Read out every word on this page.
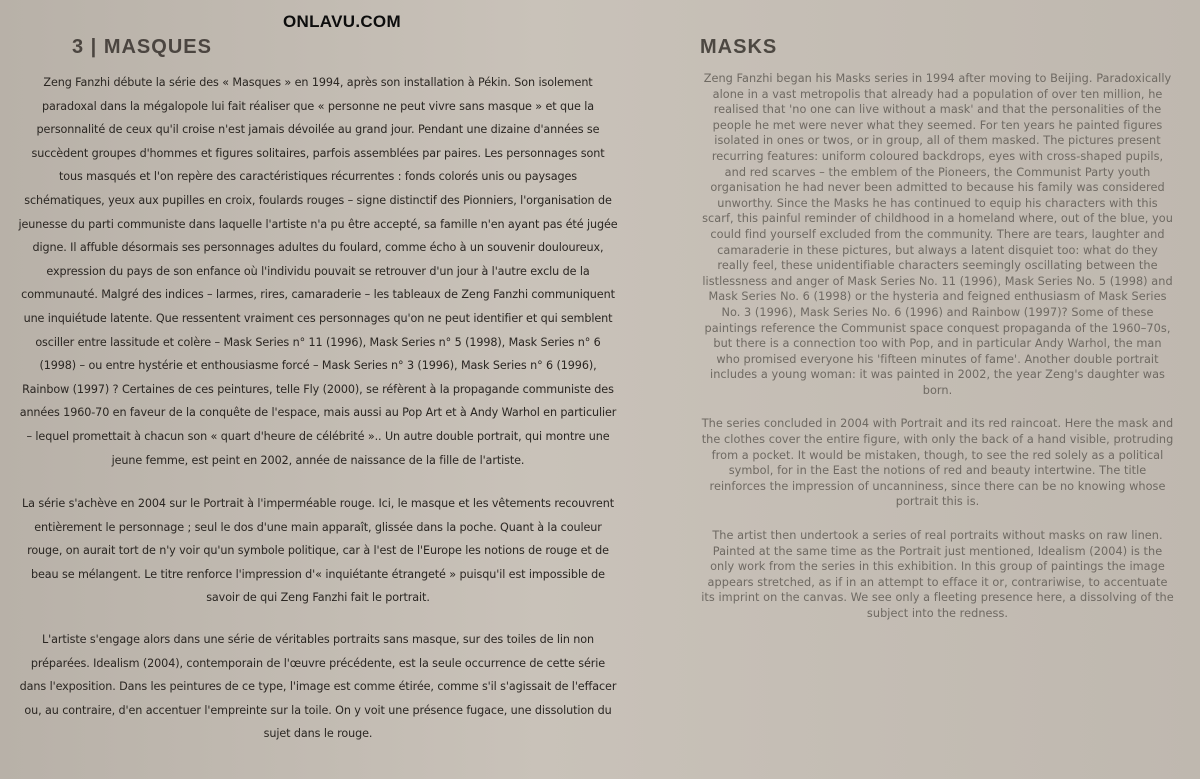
ONLAVU.COM
3 | MASQUES

Zeng Fanzhi débute la série des « Masques » en 1994, après son installation à Pékin. Son isolement paradoxal dans la mégalopole lui fait réaliser que « personne ne peut vivre sans masque » et que la personnalité de ceux qu'il croise n'est jamais dévoilée au grand jour. Pendant une dizaine d'années se succèdent groupes d'hommes et figures solitaires, parfois assemblées par paires. Les personnages sont tous masqués et l'on repère des caractéristiques récurrentes : fonds colorés unis ou paysages schématiques, yeux aux pupilles en croix, foulards rouges – signe distinctif des Pionniers, l'organisation de jeunesse du parti communiste dans laquelle l'artiste n'a pu être accepté, sa famille n'en ayant pas été jugée digne. Il affuble désormais ses personnages adultes du foulard, comme écho à un souvenir douloureux, expression du pays de son enfance où l'individu pouvait se retrouver d'un jour à l'autre exclu de la communauté. Malgré des indices – larmes, rires, camaraderie – les tableaux de Zeng Fanzhi communiquent une inquiétude latente. Que ressentent vraiment ces personnages qu'on ne peut identifier et qui semblent osciller entre lassitude et colère – Mask Series n° 11 (1996), Mask Series n° 5 (1998), Mask Series n° 6 (1998) – ou entre hystérie et enthousiasme forcé – Mask Series n° 3 (1996), Mask Series n° 6 (1996), Rainbow (1997) ? Certaines de ces peintures, telle Fly (2000), se réfèrent à la propagande communiste des années 1960-70 en faveur de la conquête de l'espace, mais aussi au Pop Art et à Andy Warhol en particulier – lequel promettait à chacun son « quart d'heure de célébrité ».. Un autre double portrait, qui montre une jeune femme, est peint en 2002, année de naissance de la fille de l'artiste.

La série s'achève en 2004 sur le Portrait à l'imperméable rouge. Ici, le masque et les vêtements recouvrent entièrement le personnage ; seul le dos d'une main apparaît, glissée dans la poche. Quant à la couleur rouge, on aurait tort de n'y voir qu'un symbole politique, car à l'est de l'Europe les notions de rouge et de beau se mélangent. Le titre renforce l'impression d'« inquiétante étrangeté » puisqu'il est impossible de savoir de qui Zeng Fanzhi fait le portrait.

L'artiste s'engage alors dans une série de véritables portraits sans masque, sur des toiles de lin non préparées. Idealism (2004), contemporain de l'œuvre précédente, est la seule occurrence de cette série dans l'exposition. Dans les peintures de ce type, l'image est comme étirée, comme s'il s'agissait de l'effacer ou, au contraire, d'en accentuer l'empreinte sur la toile. On y voit une présence fugace, une dissolution du sujet dans le rouge.

MASKS

Zeng Fanzhi began his Masks series in 1994 after moving to Beijing. Paradoxically alone in a vast metropolis that already had a population of over ten million, he realised that 'no one can live without a mask' and that the personalities of the people he met were never what they seemed. For ten years he painted figures isolated in ones or twos, or in group, all of them masked. The pictures present recurring features: uniform coloured backdrops, eyes with cross-shaped pupils, and red scarves – the emblem of the Pioneers, the Communist Party youth organisation he had never been admitted to because his family was considered unworthy. Since the Masks he has continued to equip his characters with this scarf, this painful reminder of childhood in a homeland where, out of the blue, you could find yourself excluded from the community. There are tears, laughter and camaraderie in these pictures, but always a latent disquiet too: what do they really feel, these unidentifiable characters seemingly oscillating between the listlessness and anger of Mask Series No. 11 (1996), Mask Series No. 5 (1998) and Mask Series No. 6 (1998) or the hysteria and feigned enthusiasm of Mask Series No. 3 (1996), Mask Series No. 6 (1996) and Rainbow (1997)? Some of these paintings reference the Communist space conquest propaganda of the 1960–70s, but there is a connection too with Pop, and in particular Andy Warhol, the man who promised everyone his 'fifteen minutes of fame'. Another double portrait includes a young woman: it was painted in 2002, the year Zeng's daughter was born.

The series concluded in 2004 with Portrait and its red raincoat. Here the mask and the clothes cover the entire figure, with only the back of a hand visible, protruding from a pocket. It would be mistaken, though, to see the red solely as a political symbol, for in the East the notions of red and beauty intertwine. The title reinforces the impression of uncanniness, since there can be no knowing whose portrait this is.

The artist then undertook a series of real portraits without masks on raw linen. Painted at the same time as the Portrait just mentioned, Idealism (2004) is the only work from the series in this exhibition. In this group of paintings the image appears stretched, as if in an attempt to efface it or, contrariwise, to accentuate its imprint on the canvas. We see only a fleeting presence here, a dissolving of the subject into the redness.
